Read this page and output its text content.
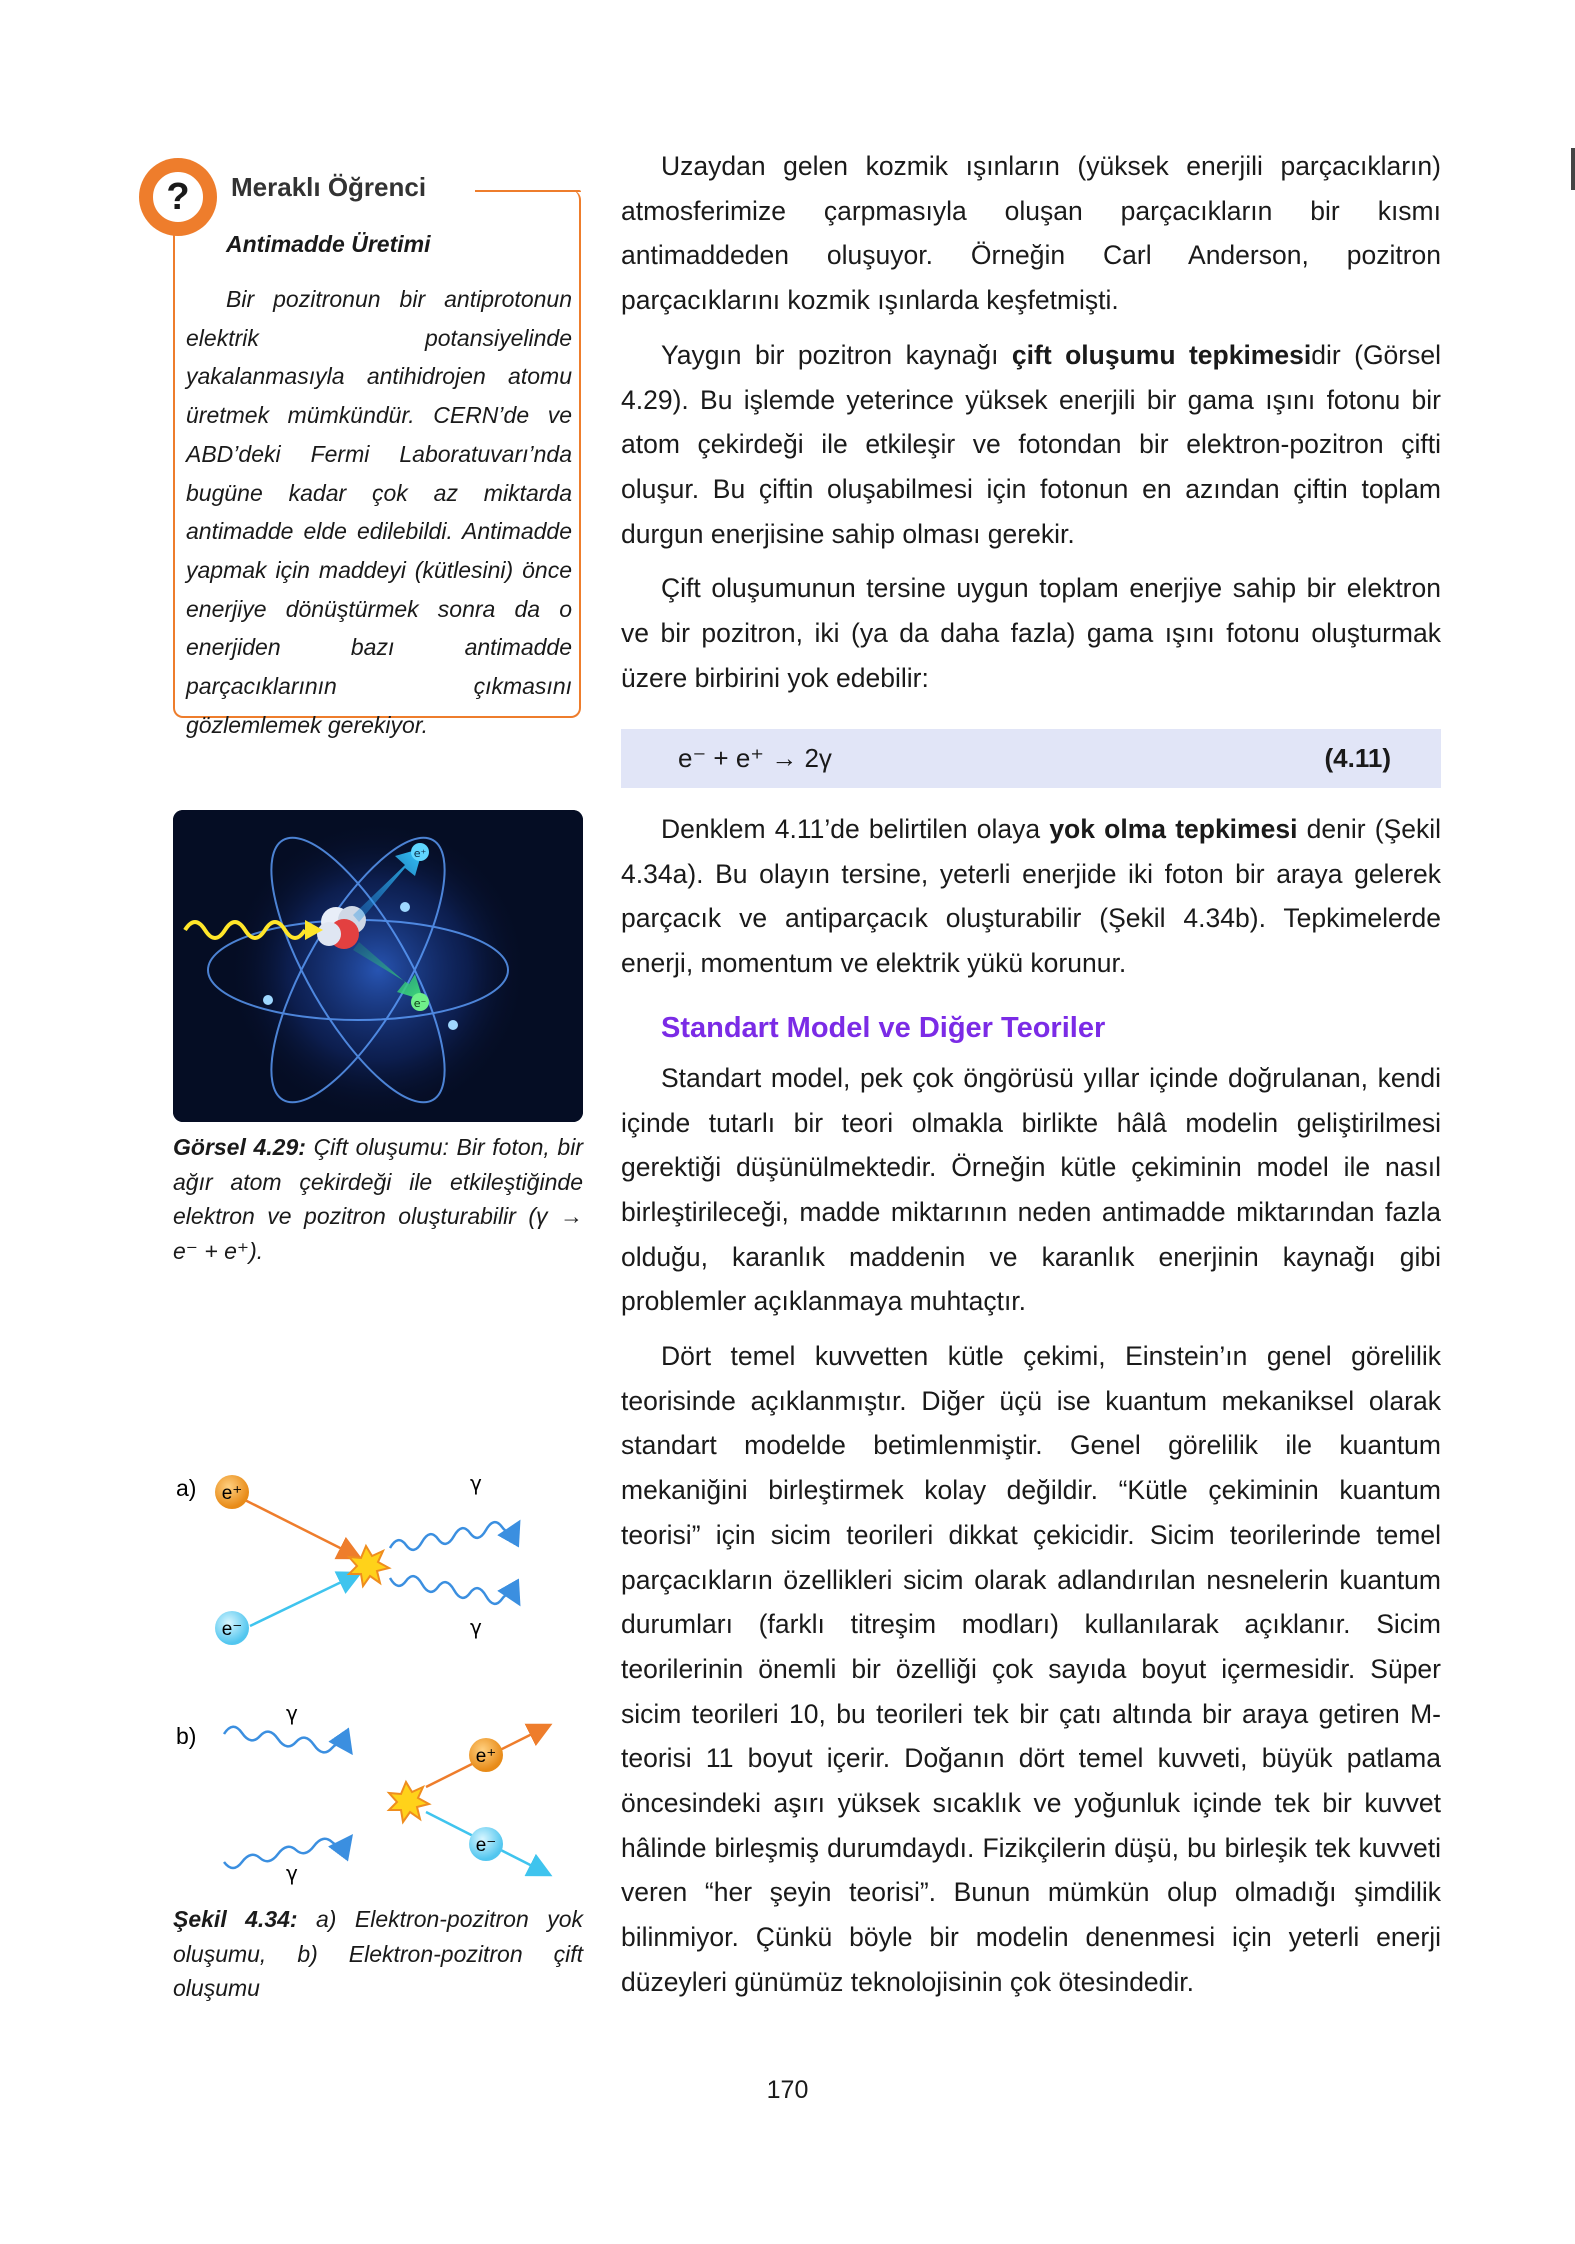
?	Meraklı Öğrenci
Antimadde Üretimi
Bir pozitronun bir antiprotonun elektrik potansiyelinde yakalanmasıyla antihidrojen atomu üretmek mümkündür. CERN’de ve ABD’deki Fermi Laboratuvarı’nda bugüne kadar çok az miktarda antimadde elde edilebildi. Antimadde yapmak için maddeyi (kütlesini) önce enerjiye dönüştürmek sonra da o enerjiden bazı antimadde parçacıklarının çıkmasını gözlemlemek gerekiyor.
e⁺
e⁻
Görsel 4.29: Çift oluşumu: Bir foton, bir ağır atom çekirdeği ile etkileştiğinde elektron ve pozitron oluşturabilir (γ → e⁻ + e⁺).
a) e⁺
e⁻
γ
γ
b)
γ
γ
e⁺
e⁻
Şekil 4.34: a) Elektron-pozitron yok oluşumu, b) Elektron-pozitron çift oluşumu

Uzaydan gelen kozmik ışınların (yüksek enerjili parçacıkların) atmosferimize çarpmasıyla oluşan parçacıkların bir kısmı antimaddeden oluşuyor. Örneğin Carl Anderson, pozitron parçacıklarını kozmik ışınlarda keşfetmişti.

Yaygın bir pozitron kaynağı çift oluşumu tepkimesidir (Görsel 4.29). Bu işlemde yeterince yüksek enerjili bir gama ışını fotonu bir atom çekirdeği ile etkileşir ve fotondan bir elektron-pozitron çifti oluşur. Bu çiftin oluşabilmesi için fotonun en azından çiftin toplam durgun enerjisine sahip olması gerekir.

Çift oluşumunun tersine uygun toplam enerjiye sahip bir elektron ve bir pozitron, iki (ya da daha fazla) gama ışını fotonu oluşturmak üzere birbirini yok edebilir:

e⁻ + e⁺ → 2γ	(4.11)

Denklem 4.11’de belirtilen olaya yok olma tepkimesi denir (Şekil 4.34a). Bu olayın tersine, yeterli enerjide iki foton bir araya gelerek parçacık ve antiparçacık oluşturabilir (Şekil 4.34b). Tepkimelerde enerji, momentum ve elektrik yükü korunur.

Standart Model ve Diğer Teoriler

Standart model, pek çok öngörüsü yıllar içinde doğrulanan, kendi içinde tutarlı bir teori olmakla birlikte hâlâ modelin geliştirilmesi gerektiği düşünülmektedir. Örneğin kütle çekiminin model ile nasıl birleştirileceği, madde miktarının neden antimadde miktarından fazla olduğu, karanlık maddenin ve karanlık enerjinin kaynağı gibi problemler açıklanmaya muhtaçtır.

Dört temel kuvvetten kütle çekimi, Einstein’ın genel görelilik teorisinde açıklanmıştır. Diğer üçü ise kuantum mekaniksel olarak standart modelde betimlenmiştir. Genel görelilik ile kuantum mekaniğini birleştirmek kolay değildir. “Kütle çekiminin kuantum teorisi” için sicim teorileri dikkat çekicidir. Sicim teorilerinde temel parçacıkların özellikleri sicim olarak adlandırılan nesnelerin kuantum durumları (farklı titreşim modları) kullanılarak açıklanır. Sicim teorilerinin önemli bir özelliği çok sayıda boyut içermesidir. Süper sicim teorileri 10, bu teorileri tek bir çatı altında bir araya getiren M-teorisi 11 boyut içerir. Doğanın dört temel kuvveti, büyük patlama öncesindeki aşırı yüksek sıcaklık ve yoğunluk içinde tek bir kuvvet hâlinde birleşmiş durumdaydı. Fizikçilerin düşü, bu birleşik tek kuvveti veren “her şeyin teorisi”. Bunun mümkün olup olmadığı şimdilik bilinmiyor. Çünkü böyle bir modelin denenmesi için yeterli enerji düzeyleri günümüz teknolojisinin çok ötesindedir.

170
